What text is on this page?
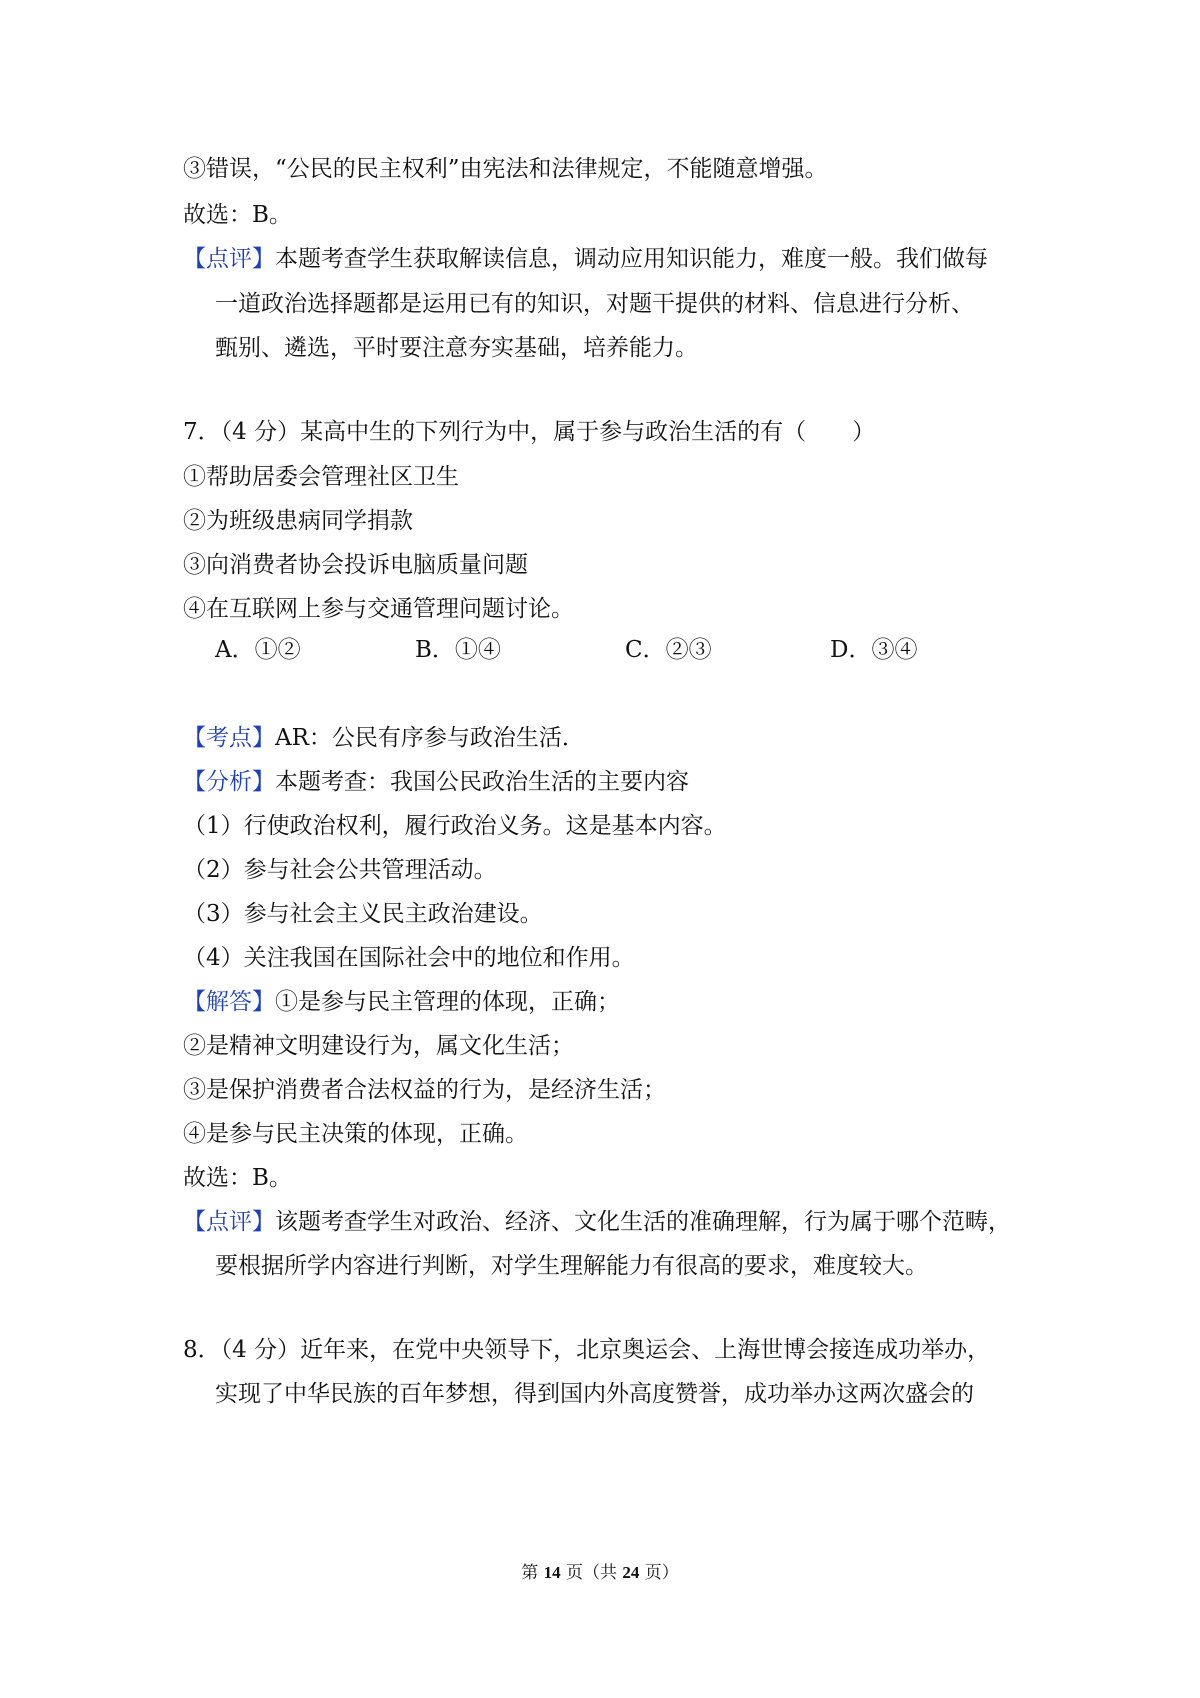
③错误，“公民的民主权利”由宪法和法律规定，不能随意增强。
故选：B。
【点评】本题考查学生获取解读信息，调动应用知识能力，难度一般。我们做每
一道政治选择题都是运用已有的知识，对题干提供的材料、信息进行分析、
甄别、遴选，平时要注意夯实基础，培养能力。
7．（4 分）某高中生的下列行为中，属于参与政治生活的有（　　）
①帮助居委会管理社区卫生
②为班级患病同学捐款
③向消费者协会投诉电脑质量问题
④在互联网上参与交通管理问题讨论。
A．①②	B．①④	C．②③	D．③④
【考点】AR：公民有序参与政治生活．
【分析】本题考查：我国公民政治生活的主要内容
（1）行使政治权利，履行政治义务。这是基本内容。
（2）参与社会公共管理活动。
（3）参与社会主义民主政治建设。
（4）关注我国在国际社会中的地位和作用。
【解答】①是参与民主管理的体现，正确；
②是精神文明建设行为，属文化生活；
③是保护消费者合法权益的行为，是经济生活；
④是参与民主决策的体现，正确。
故选：B。
【点评】该题考查学生对政治、经济、文化生活的准确理解，行为属于哪个范畴，
要根据所学内容进行判断，对学生理解能力有很高的要求，难度较大。
8．（4 分）近年来，在党中央领导下，北京奥运会、上海世博会接连成功举办，
实现了中华民族的百年梦想，得到国内外高度赞誉，成功举办这两次盛会的
第 14 页（共 24 页）
